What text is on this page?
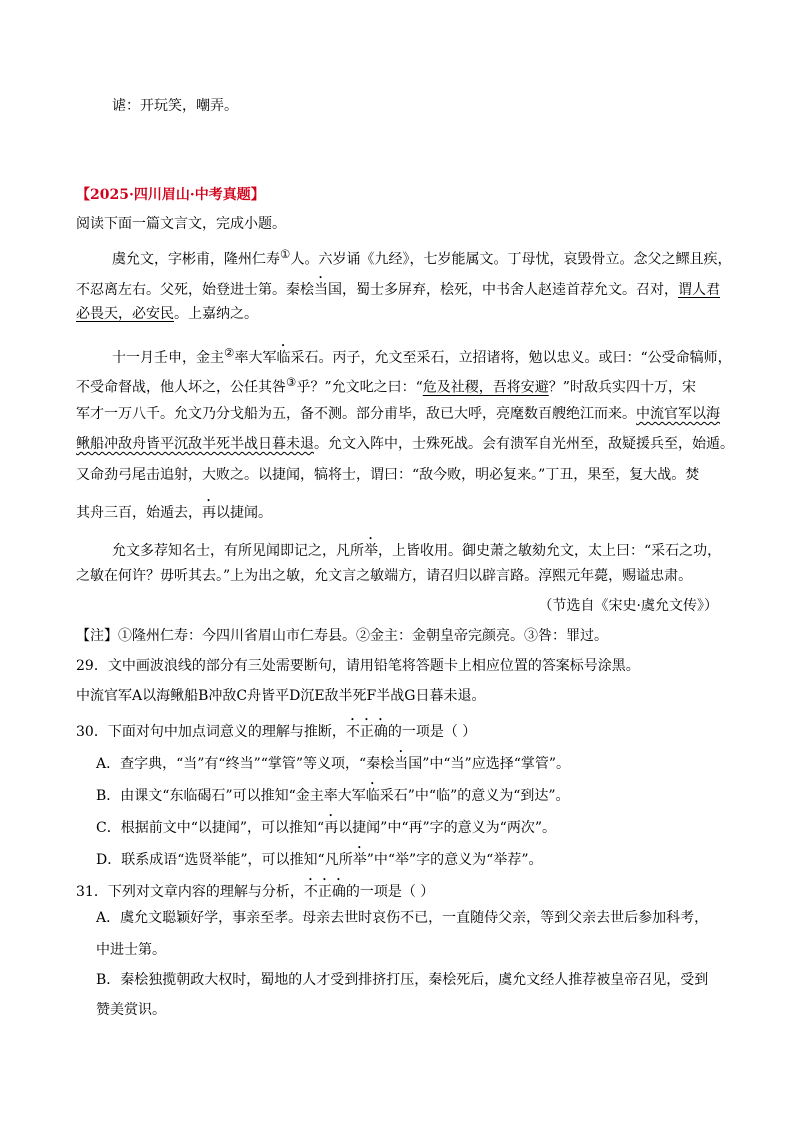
谑：开玩笑，嘲弄。
【2025·四川眉山·中考真题】
阅读下面一篇文言文，完成小题。
虞允文，字彬甫，隆州仁寿①人。六岁诵《九经》，七岁能属文。丁母忧，哀毁骨立。念父之鳏且疾，
不忍离左右。父死，始登进士第。秦桧当国，蜀士多屏弃，桧死，中书舍人赵逵首荐允文。召对，谓人君
必畏天，必安民。上嘉纳之。
十一月壬申，金主②率大军临采石。丙子，允文至采石，立招诸将，勉以忠义。或曰：“公受命犒师，
不受命督战，他人坏之，公任其咎③乎？”允文叱之曰：“危及社稷，吾将安避？”时敌兵实四十万，宋
军才一万八千。允文乃分戈船为五，备不测。部分甫毕，敌已大呼，亮麾数百艘绝江而来。中流官军以海
鳅船冲敌舟皆平沉敌半死半战日暮未退。允文入阵中，士殊死战。会有溃军自光州至，敌疑援兵至，始遁。
又命劲弓尾击追射，大败之。以捷闻，犒将士，谓曰：“敌今败，明必复来。”丁丑，果至，复大战。焚
其舟三百，始遁去，再以捷闻。
允文多荐知名士，有所见闻即记之，凡所举，上皆收用。御史萧之敏劾允文，太上曰：“采石之功，
之敏在何许？毋听其去。”上为出之敏，允文言之敏端方，请召归以辟言路。淳熙元年薨，赐谥忠肃。
（节选自《宋史·虞允文传》）
【注】①隆州仁寿：今四川省眉山市仁寿县。②金主：金朝皇帝完颜亮。③咎：罪过。
29．文中画波浪线的部分有三处需要断句，请用铅笔将答题卡上相应位置的答案标号涂黑。
中流官军A以海鳅船B冲敌C舟皆平D沉E敌半死F半战G日暮未退。
30．下面对句中加点词意义的理解与推断，不正确的一项是（ ）
A．查字典，“当”有“终当”“掌管”等义项，“秦桧当国”中“当”应选择“掌管”。
B．由课文“东临碣石”可以推知“金主率大军临采石”中“临”的意义为“到达”。
C．根据前文中“以捷闻”，可以推知“再以捷闻”中“再”字的意义为“两次”。
D．联系成语“选贤举能”，可以推知“凡所举”中“举”字的意义为“举荐”。
31．下列对文章内容的理解与分析，不正确的一项是（ ）
A．虞允文聪颖好学，事亲至孝。母亲去世时哀伤不已，一直随侍父亲，等到父亲去世后参加科考，
中进士第。
B．秦桧独揽朝政大权时，蜀地的人才受到排挤打压，秦桧死后，虞允文经人推荐被皇帝召见，受到
赞美赏识。
